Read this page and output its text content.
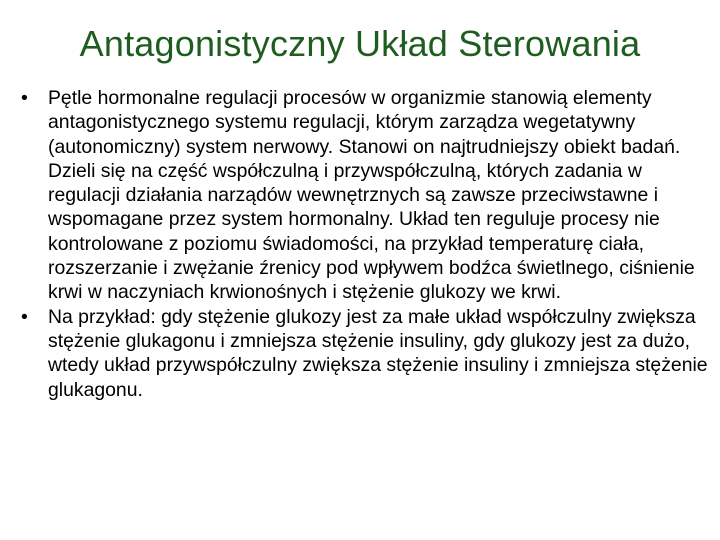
Antagonistyczny Układ Sterowania
• Pętle hormonalne regulacji procesów w organizmie stanowią elementy antagonistycznego systemu regulacji, którym zarządza wegetatywny (autonomiczny) system nerwowy. Stanowi on najtrudniejszy obiekt badań. Dzieli się na część współczulną i przywspółczulną, których zadania w regulacji działania narządów wewnętrznych są zawsze przeciwstawne i wspomagane przez system hormonalny. Układ ten reguluje procesy nie kontrolowane z poziomu świadomości, na przykład temperaturę ciała, rozszerzanie i zwężanie źrenicy pod wpływem bodźca świetlnego, ciśnienie krwi w naczyniach krwionośnych i stężenie glukozy we krwi.
• Na przykład: gdy stężenie glukozy jest za małe układ współczulny zwiększa stężenie glukagonu i zmniejsza stężenie insuliny, gdy glukozy jest za dużo, wtedy układ przywspółczulny zwiększa stężenie insuliny i zmniejsza stężenie glukagonu.
